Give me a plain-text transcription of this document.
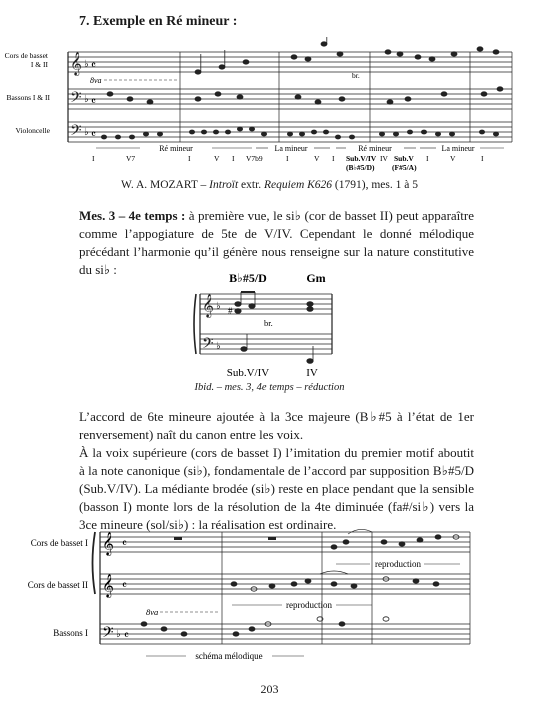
7. Exemple en Ré mineur :
𝄞
𝄢
𝄢
♭
♭
♭
𝄴
𝄴
𝄴
Cors de basset
I & II
Bassons I & II
Violoncelle
8va
br.
Ré mineur	La mineur	Ré mineur	La mineur
I	V7	I	V I V7b9	I	V I Sub.V/IV IV Sub.V I	V	I
(B♭#5/D) (F#5/A)
W. A. MOZART – Introït extr. Requiem K626 (1791), mes. 1 à 5

Mes. 3 – 4e temps : à première vue, le si♭ (cor de basset II) peut apparaître comme l’appogiature de 5te de V/IV. Cependant le donné mélodique précédant l’harmonie qu’il génère nous renseigne sur la nature constitutive du si♭ :

B♭#5/D	Gm
𝄞
𝄢
♭
♭
#
br.
Sub.V/IV	IV
Ibid. – mes. 3, 4e temps – réduction

L’accord de 6te mineure ajoutée à la 3ce majeure (B♭#5 à l’état de 1er renversement) naît du canon entre les voix.

À la voix supérieure (cors de basset I) l’imitation du premier motif aboutit à la note canonique (si♭), fondamentale de l’accord par supposition B♭#5/D (Sub.V/IV). La médiante brodée (si♭) reste en place pendant que la sensible (basson I) monte lors de la résolution de la 4te diminuée (fa#/si♭) vers la 3ce mineure (sol/si♭) : la réalisation est ordinaire.

𝄞
𝄞
𝄢 ♭
𝄴
𝄴
𝄴
Cors de basset I
Cors de basset II
Bassons I
8va
reproduction
reproduction
schéma mélodique
203
